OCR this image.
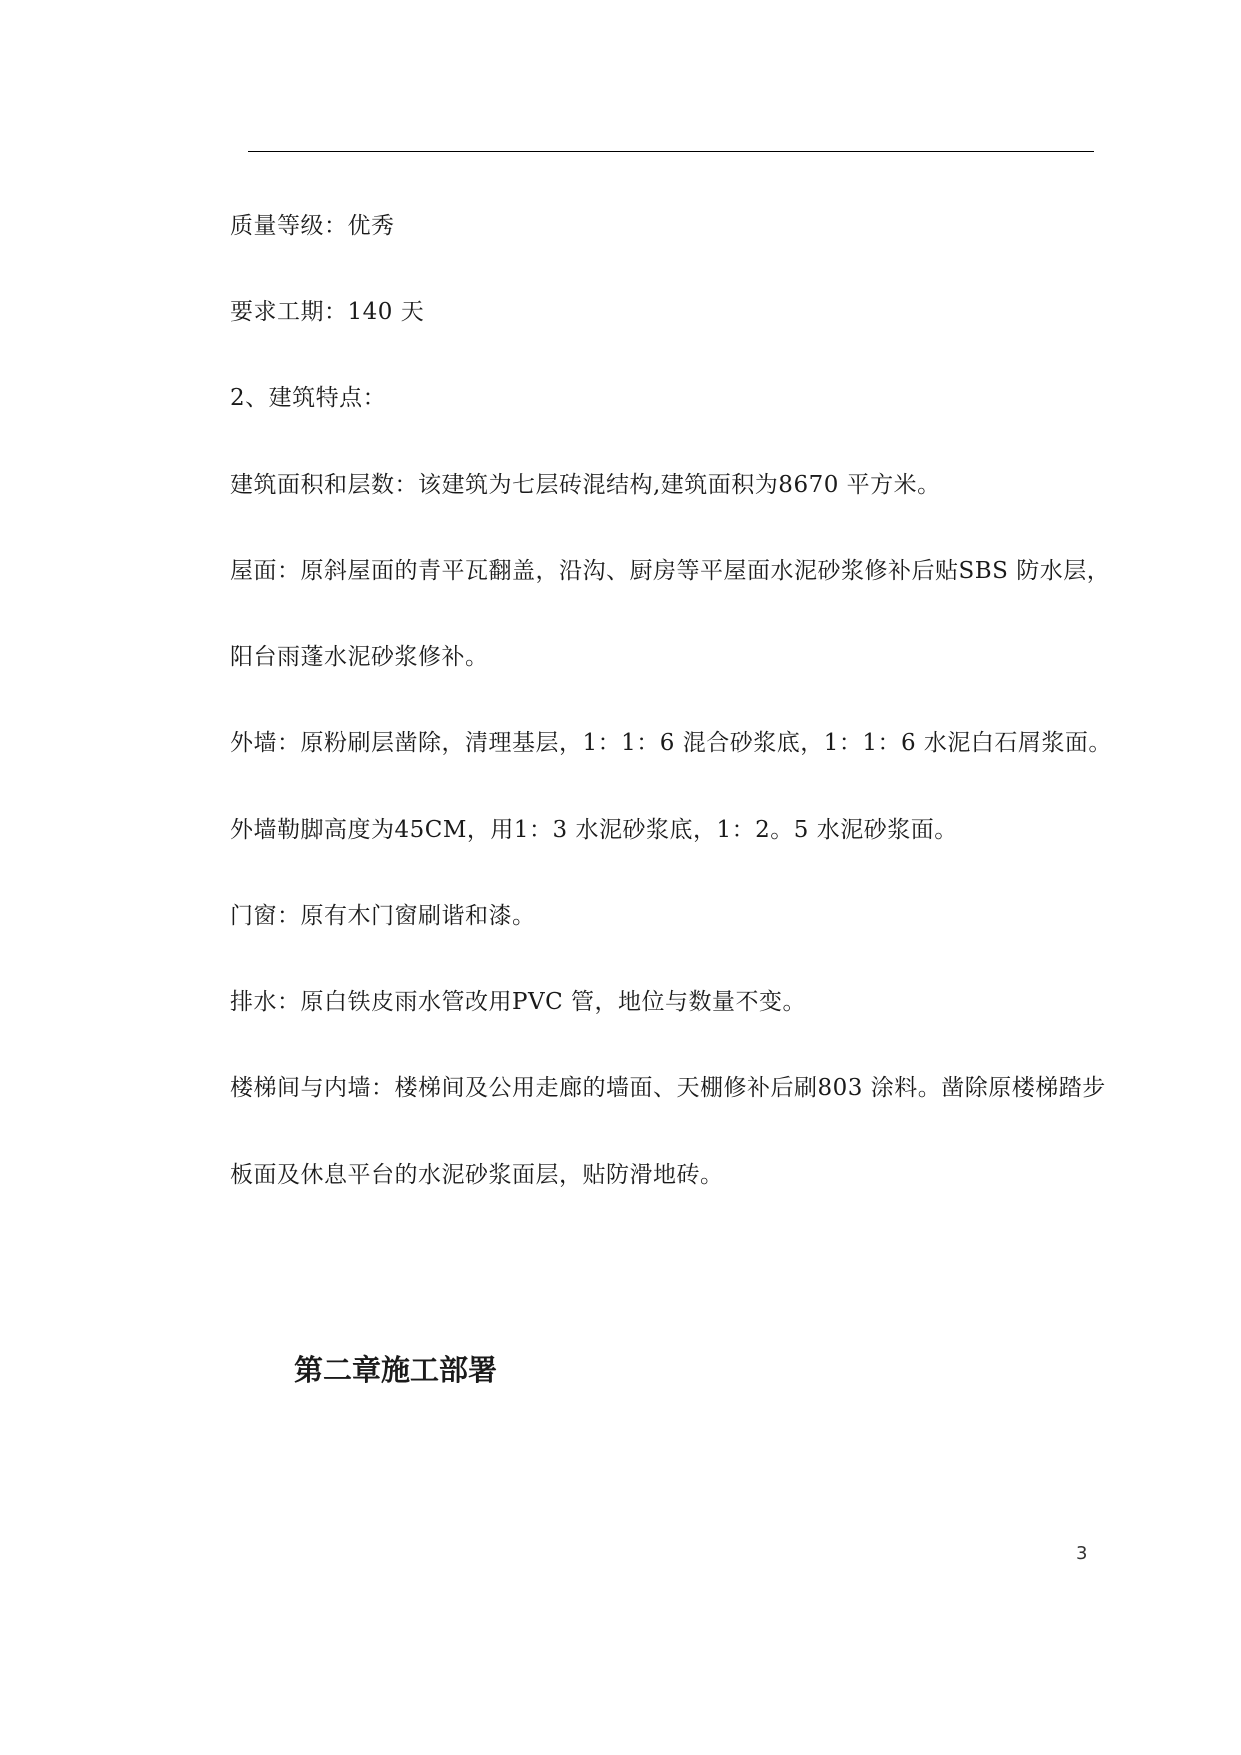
质量等级：优秀
要求工期：140 天
2、建筑特点：
建筑面积和层数：该建筑为七层砖混结构,建筑面积为8670 平方米。
屋面：原斜屋面的青平瓦翻盖，沿沟、厨房等平屋面水泥砂浆修补后贴SBS 防水层，
阳台雨蓬水泥砂浆修补。
外墙：原粉刷层凿除，清理基层，1：1：6 混合砂浆底，1：1：6 水泥白石屑浆面。
外墙勒脚高度为45CM，用1：3 水泥砂浆底，1：2。5 水泥砂浆面。
门窗：原有木门窗刷谐和漆。
排水：原白铁皮雨水管改用PVC 管，地位与数量不变。
楼梯间与内墙：楼梯间及公用走廊的墙面、天棚修补后刷803 涂料。凿除原楼梯踏步
板面及休息平台的水泥砂浆面层，贴防滑地砖。
第二章施工部署
3
